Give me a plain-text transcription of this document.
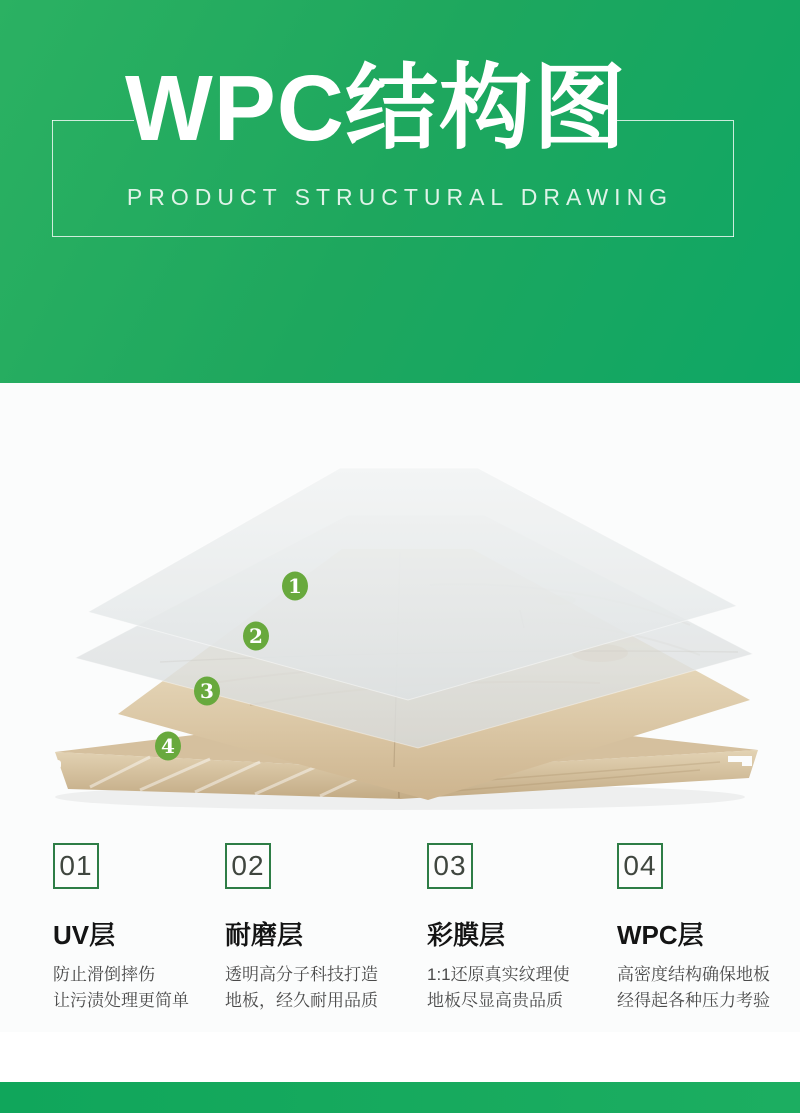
WPC结构图
PRODUCT STRUCTURAL DRAWING
1
2
3
4
01
UV层
防止滑倒摔伤
让污渍处理更简单
02
耐磨层
透明高分子科技打造
地板，经久耐用品质
03
彩膜层
1:1还原真实纹理使
地板尽显高贵品质
04
WPC层
高密度结构确保地板
经得起各种压力考验
